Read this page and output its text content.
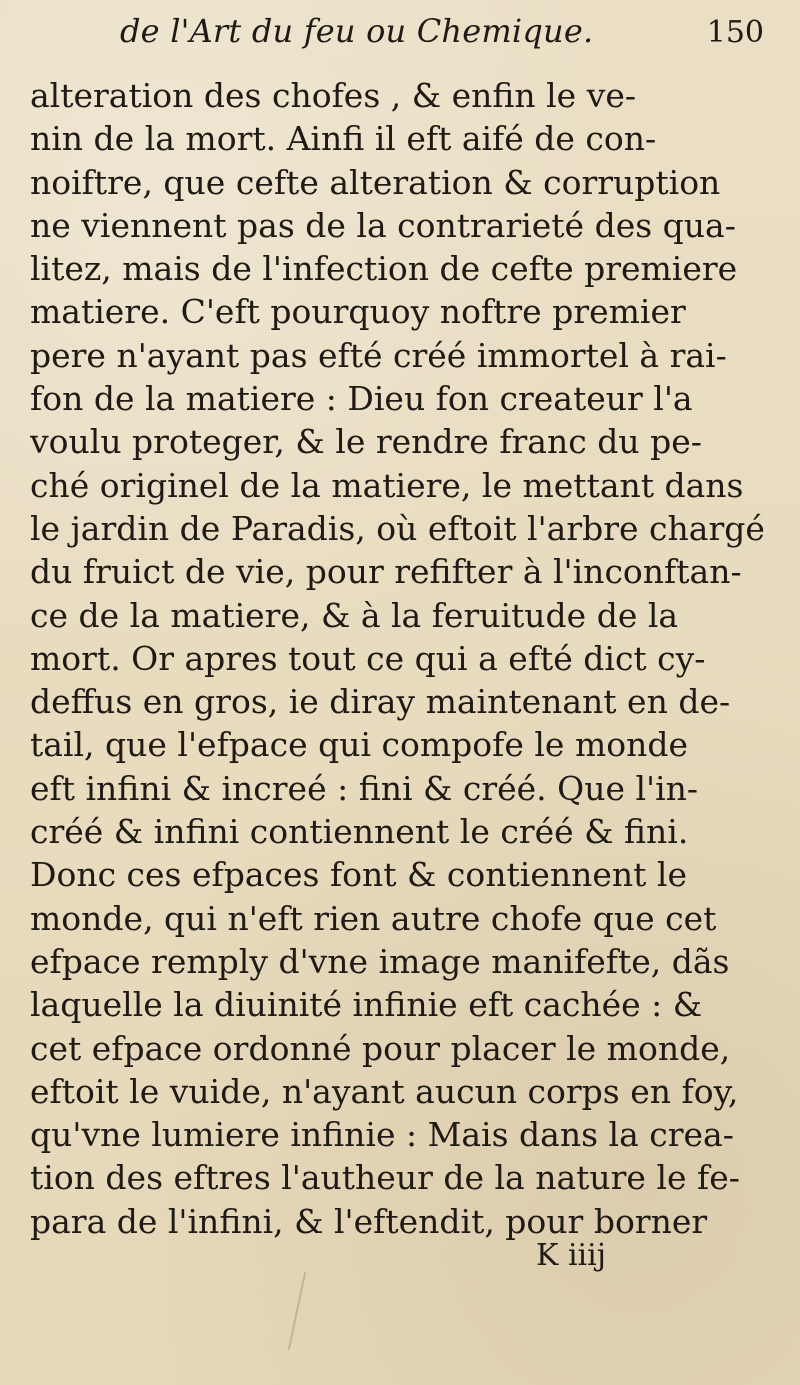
de l'Art du feu ou Chemique.	150
alteration des chofes , & enfin le ve-
nin de la mort. Ainfi il eft aifé de con-
noiftre, que cefte alteration & corruption
ne viennent pas de la contrarieté des qua-
litez, mais de l'infection de cefte premiere
matiere. C'eft pourquoy noftre premier
pere n'ayant pas efté créé immortel à rai-
fon de la matiere : Dieu fon createur l'a
voulu proteger, & le rendre franc du pe-
ché originel de la matiere, le mettant dans
le jardin de Paradis, où eftoit l'arbre chargé
du fruict de vie, pour refifter à l'inconftan-
ce de la matiere, & à la feruitude de la
mort. Or apres tout ce qui a efté dict cy-
deffus en gros, ie diray maintenant en de-
tail, que l'efpace qui compofe le monde
eft infini & increé : fini & créé. Que l'in-
créé & infini contiennent le créé & fini.
Donc ces efpaces font & contiennent le
monde, qui n'eft rien autre chofe que cet
efpace remply d'vne image manifefte, dãs
laquelle la diuinité infinie eft cachée : &
cet efpace ordonné pour placer le monde,
eftoit le vuide, n'ayant aucun corps en foy,
qu'vne lumiere infinie : Mais dans la crea-
tion des eftres l'autheur de la nature le fe-
para de l'infini, & l'eftendit, pour borner
K iiij
